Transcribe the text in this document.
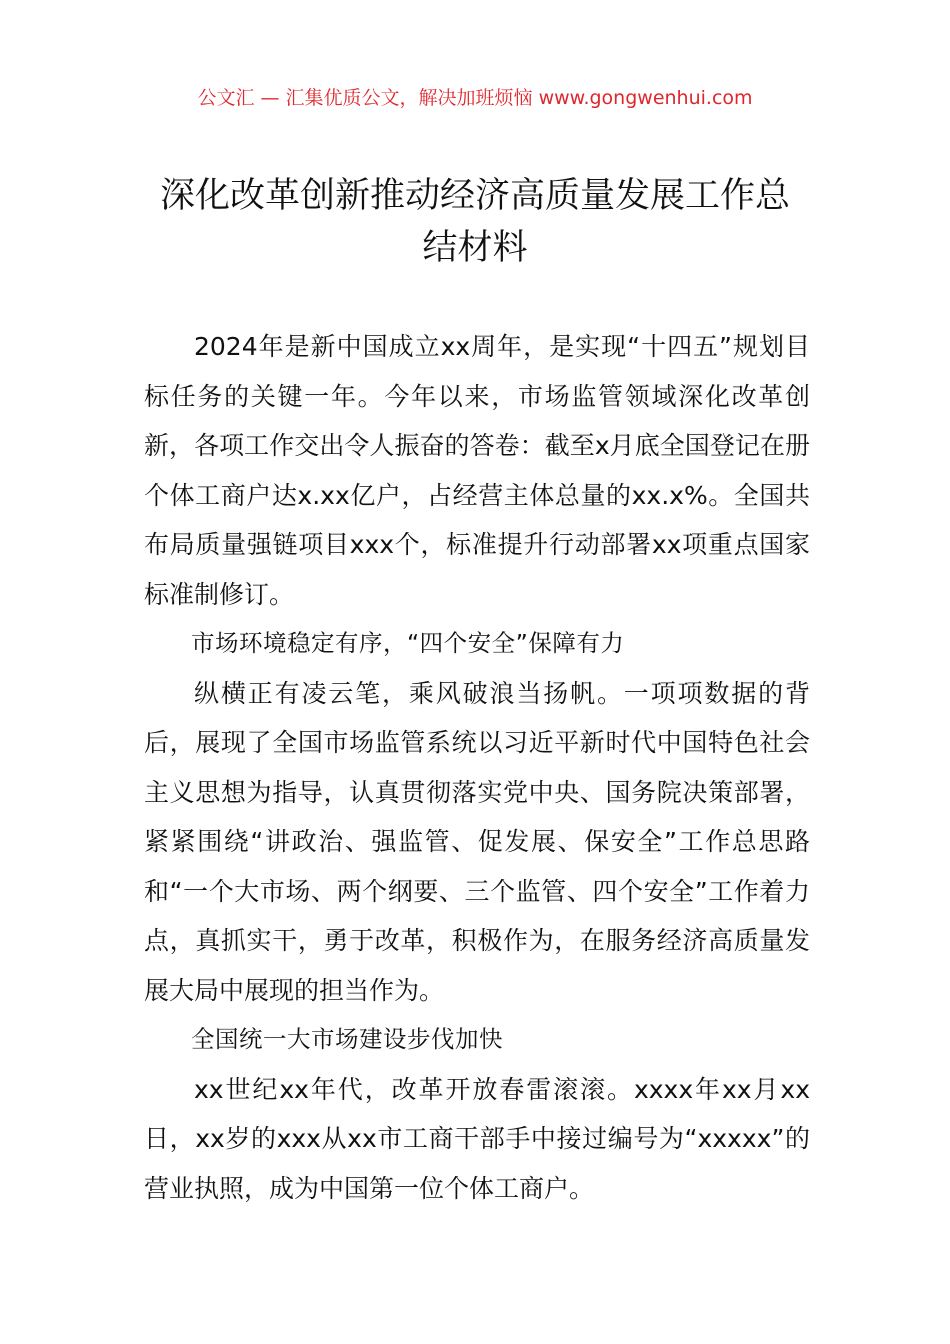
公文汇 — 汇集优质公文，解决加班烦恼 www.gongwenhui.com
深化改革创新推动经济高质量发展工作总
结材料

2024年是新中国成立xx周年，是实现“十四五”规划目标任务的关键一年。今年以来，市场监管领域深化改革创新，各项工作交出令人振奋的答卷：截至x月底全国登记在册个体工商户达x.xx亿户，占经营主体总量的xx.x%。全国共布局质量强链项目xxx个，标准提升行动部署xx项重点国家标准制修订。

市场环境稳定有序，“四个安全”保障有力

纵横正有凌云笔，乘风破浪当扬帆。一项项数据的背后，展现了全国市场监管系统以习近平新时代中国特色社会主义思想为指导，认真贯彻落实党中央、国务院决策部署，紧紧围绕“讲政治、强监管、促发展、保安全”工作总思路和“一个大市场、两个纲要、三个监管、四个安全”工作着力点，真抓实干，勇于改革，积极作为，在服务经济高质量发展大局中展现的担当作为。

全国统一大市场建设步伐加快

xx世纪xx年代，改革开放春雷滚滚。xxxx年xx月xx日，xx岁的xxx从xx市工商干部手中接过编号为“xxxxx”的营业执照，成为中国第一位个体工商户。
